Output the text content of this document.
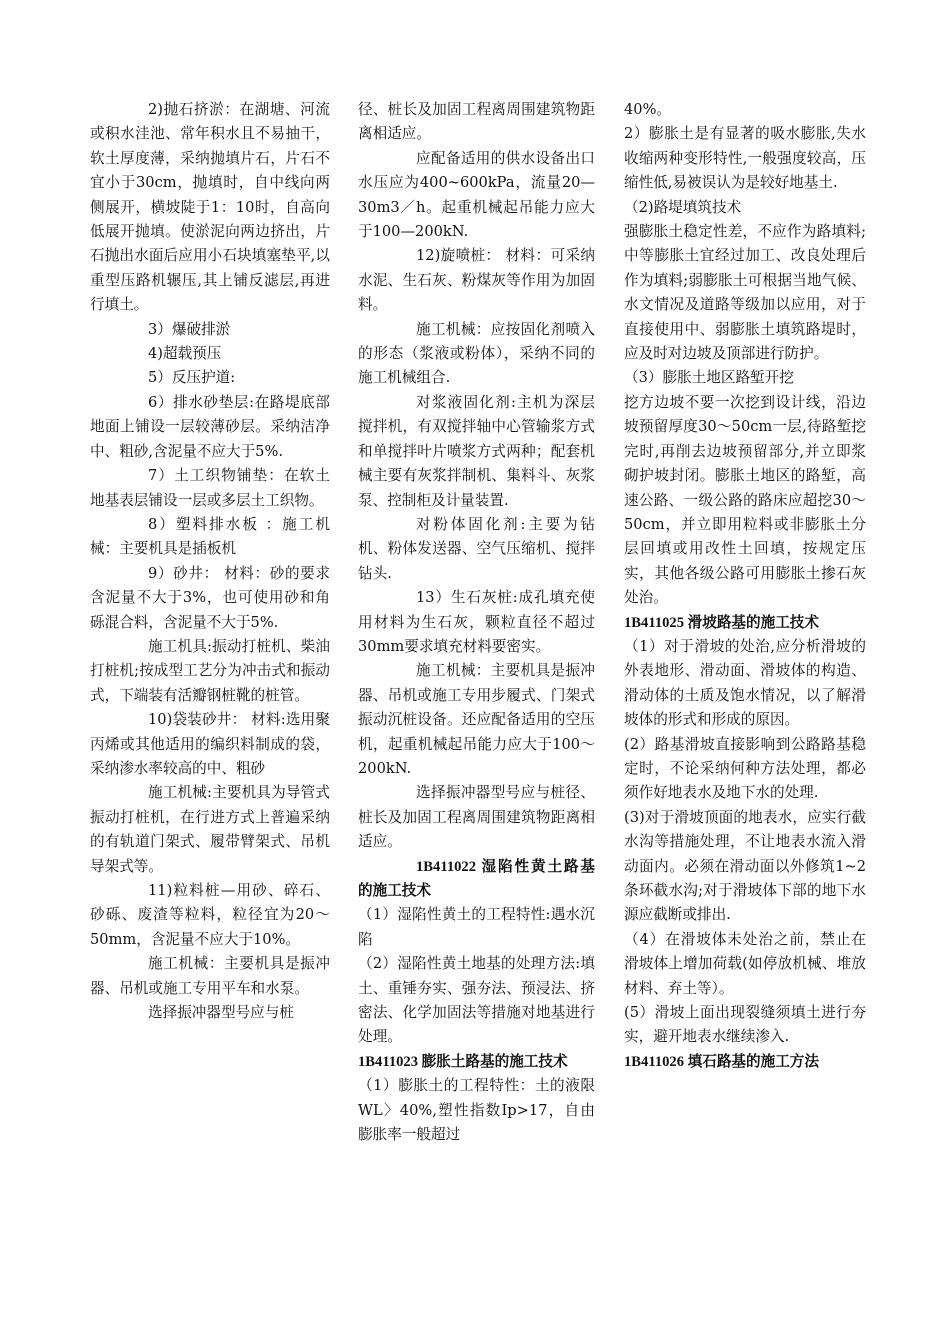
2)抛石挤淤：在湖塘、河流或积水洼池、常年积水且不易抽干，软土厚度薄，采纳抛填片石，片石不宜小于30cm，抛填时，自中线向两侧展开，横坡陡于1：10时，自高向低展开抛填。使淤泥向两边挤出，片石抛出水面后应用小石块填塞垫平,以重型压路机辗压,其上铺反滤层,再进行填土。

3）爆破排淤

4)超载预压

5）反压护道:

6）排水砂垫层:在路堤底部地面上铺设一层较薄砂层。采纳洁净中、粗砂,含泥量不应大于5%.

7）土工织物铺垫：在软土地基表层铺设一层或多层土工织物。

8）塑料排水板 ：施工机械：主要机具是插板机

9）砂井： 材料：砂的要求含泥量不大于3%，也可使用砂和角砾混合料，含泥量不大于5%.

施工机具:振动打桩机、柴油打桩机;按成型工艺分为冲击式和振动式，下端装有活瓣钢桩靴的桩管。

10)袋装砂井： 材料:选用聚丙烯或其他适用的编织料制成的袋，采纳渗水率较高的中、粗砂

施工机械:主要机具为导管式振动打桩机，在行进方式上普遍采纳的有轨道门架式、履带臂架式、吊机导架式等。

11)粒料桩—用砂、碎石、砂砾、废渣等粒料，粒径宜为20～50mm，含泥量不应大于10%。

施工机械：主要机具是振冲器、吊机或施工专用平车和水泵。

选择振冲器型号应与桩

径、桩长及加固工程离周围建筑物距离相适应。

应配备适用的供水设备出口水压应为400~600kPa，流量20—30m3／h。起重机械起吊能力应大于100—200kN.

12)旋喷桩： 材料：可采纳水泥、生石灰、粉煤灰等作用为加固料。

施工机械：应按固化剂喷入的形态（浆液或粉体），采纳不同的施工机械组合.

对浆液固化剂:主机为深层搅拌机，有双搅拌轴中心管输浆方式和单搅拌叶片喷浆方式两种；配套机械主要有灰浆拌制机、集料斗、灰浆泵、控制柜及计量装置.

对粉体固化剂:主要为钻机、粉体发送器、空气压缩机、搅拌钻头.

13）生石灰桩:成孔填充使用材料为生石灰，颗粒直径不超过30mm要求填充材料要密实。

施工机械：主要机具是振冲器、吊机或施工专用步履式、门架式振动沉桩设备。还应配备适用的空压机，起重机械起吊能力应大于100～200kN.

选择振冲器型号应与桩径、桩长及加固工程离周围建筑物距离相适应。

1B411022 湿陷性黄土路基的施工技术

（1）湿陷性黄土的工程特性:遇水沉陷

（2）湿陷性黄土地基的处理方法:填土、重锤夯实、强夯法、预浸法、挤密法、化学加固法等措施对地基进行处理。

1B411023 膨胀土路基的施工技术

（1）膨胀土的工程特性：土的液限WL〉40%,塑性指数Ip>17，自由膨胀率一般超过

40%。

2）膨胀土是有显著的吸水膨胀,失水收缩两种变形特性,一般强度较高，压缩性低,易被误认为是较好地基土.

（2)路堤填筑技术

强膨胀土稳定性差，不应作为路填料;中等膨胀土宜经过加工、改良处理后作为填料;弱膨胀土可根据当地气候、水文情况及道路等级加以应用，对于直接使用中、弱膨胀土填筑路堤时，应及时对边坡及顶部进行防护。

（3）膨胀土地区路堑开挖

挖方边坡不要一次挖到设计线，沿边坡预留厚度30～50cm一层,待路堑挖完时,再削去边坡预留部分,并立即浆砌护坡封闭。膨胀土地区的路堑，高速公路、一级公路的路床应超挖30～50cm，并立即用粒料或非膨胀土分层回填或用改性土回填，按规定压实，其他各级公路可用膨胀土掺石灰处治。

1B411025 滑坡路基的施工技术

（1）对于滑坡的处治,应分析滑坡的外表地形、滑动面、滑坡体的构造、滑动体的土质及饱水情况，以了解滑坡体的形式和形成的原因。

(2）路基滑坡直接影响到公路路基稳定时，不论采纳何种方法处理，都必须作好地表水及地下水的处理.

(3)对于滑坡顶面的地表水，应实行截水沟等措施处理，不让地表水流入滑动面内。必须在滑动面以外修筑1~2条环截水沟;对于滑坡体下部的地下水源应截断或排出.

（4）在滑坡体未处治之前，禁止在滑坡体上增加荷载(如停放机械、堆放材料、弃土等）。

(5）滑坡上面出现裂缝须填土进行夯实，避开地表水继续渗入.

1B411026 填石路基的施工方法
